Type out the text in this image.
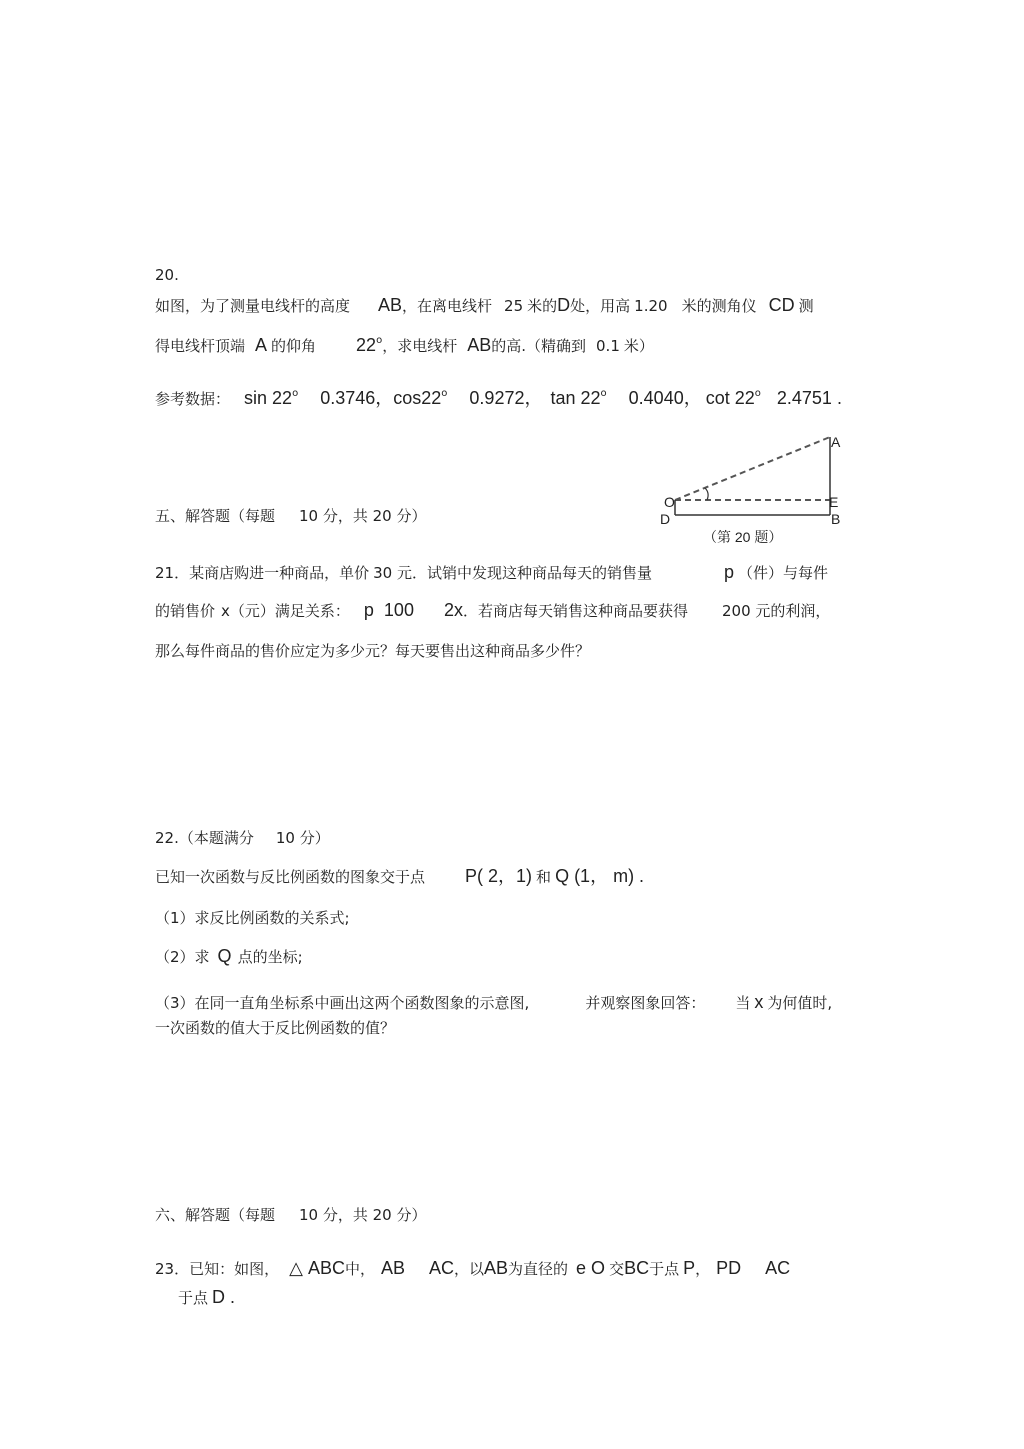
20.
如图，为了测量电线杆的高度 AB，在离电线杆 25 米的D处，用高 1.20 米的测角仪 CD 测
得电线杆顶端 A 的仰角 22$^o$，求电线杆 AB的高.（精确到 0.1 米）
参考数据： sin 22$^o$ 0.3746，cos22$^o$ 0.9272， tan 22$^o$ 0.4040， cot 22$^o$ 2.4751 .
A
O	E
D	B
（第 20 题）
五、解答题（每题 10 分，共 20 分）
21．某商店购进一种商品，单价 30 元．试销中发现这种商品每天的销售量	p （件）与每件
的销售价 x（元）满足关系： p 100 2x．若商店每天销售这种商品要获得 200 元的利润，
那么每件商品的售价应定为多少元？每天要售出这种商品多少件？
22.（本题满分 10 分）
已知一次函数与反比例函数的图象交于点 P( 2，1) 和 Q (1， m) .
（1）求反比例函数的关系式;
（2）求 Q 点的坐标;
（3）在同一直角坐标系中画出这两个函数图象的示意图,	并观察图象回答： 当 x 为何值时,
一次函数的值大于反比例函数的值？
六、解答题（每题 10 分，共 20 分）
23．已知：如图， △ ABC中， AB AC，以AB为直径的 e O 交BC于点 P， PD AC
于点 D .
